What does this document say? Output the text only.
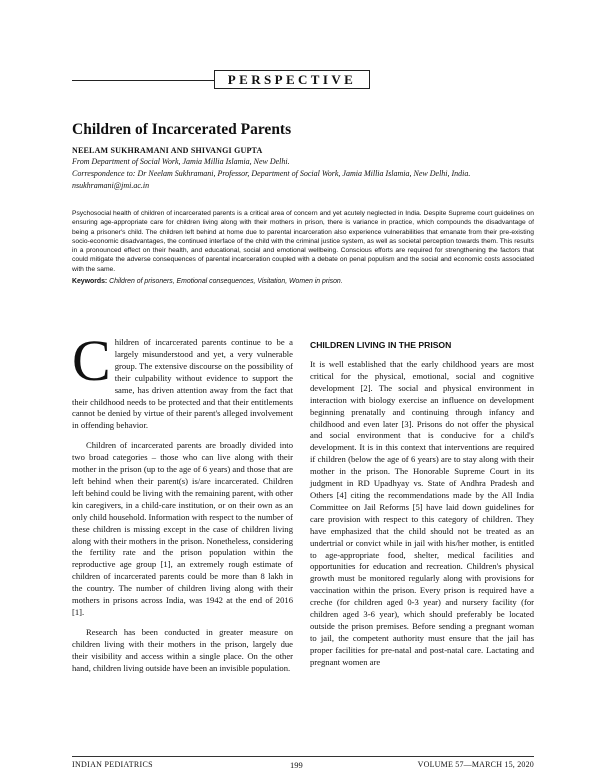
PERSPECTIVE
Children of Incarcerated Parents
NEELAM SUKHRAMANI AND SHIVANGI GUPTA
From Department of Social Work, Jamia Millia Islamia, New Delhi.
Correspondence to: Dr Neelam Sukhramani, Professor, Department of Social Work, Jamia Millia Islamia, New Delhi, India.
nsukhramani@jmi.ac.in
Psychosocial health of children of incarcerated parents is a critical area of concern and yet acutely neglected in India. Despite Supreme court guidelines on ensuring age-appropriate care for children living along with their mothers in prison, there is variance in practice, which compounds the disadvantage of being a prisoner's child. The children left behind at home due to parental incarceration also experience vulnerabilities that emanate from their pre-existing socio-economic disadvantages, the continued interface of the child with the criminal justice system, as well as societal perception towards them. This results in a pronounced effect on their health, and educational, social and emotional wellbeing. Conscious efforts are required for strengthening the factors that could mitigate the adverse consequences of parental incarceration coupled with a debate on penal populism and the social and economic costs associated with the same.
Keywords: Children of prisoners, Emotional consequences, Visitation, Women in prison.

Children of incarcerated parents continue to be a largely misunderstood and yet, a very vulnerable group. The extensive discourse on the possibility of their culpability without evidence to support the same, has driven attention away from the fact that their childhood needs to be protected and that their entitlements cannot be denied by virtue of their parent's alleged involvement in offending behavior.

Children of incarcerated parents are broadly divided into two broad categories – those who can live along with their mother in the prison (up to the age of 6 years) and those that are left behind when their parent(s) is/are incarcerated. Children left behind could be living with the remaining parent, with other kin caregivers, in a child-care institution, or on their own as an only child household. Information with respect to the number of these children is missing except in the case of children living along with their mothers in the prison. Nonetheless, considering the fertility rate and the prison population within the reproductive age group [1], an extremely rough estimate of children of incarcerated parents could be more than 8 lakh in the country. The number of children living along with their mothers in prisons across India, was 1942 at the end of 2016 [1].

Research has been conducted in greater measure on children living with their mothers in the prison, largely due their visibility and access within a single place. On the other hand, children living outside have been an invisible population.

CHILDREN LIVING IN THE PRISON

It is well established that the early childhood years are most critical for the physical, emotional, social and cognitive development [2]. The social and physical environment in interaction with biology exercise an influence on development beginning prenatally and continuing through infancy and childhood and even later [3]. Prisons do not offer the physical and social environment that is conducive for a child's development. It is in this context that interventions are required if children (below the age of 6 years) are to stay along with their mother in the prison. The Honorable Supreme Court in its judgment in RD Upadhyay vs. State of Andhra Pradesh and Others [4] citing the recommendations made by the All India Committee on Jail Reforms [5] have laid down guidelines for care provision with respect to this category of children. They have emphasized that the child should not be treated as an undertrial or convict while in jail with his/her mother, is entitled to age-appropriate food, shelter, medical facilities and opportunities for education and recreation. Children's physical growth must be monitored regularly along with provisions for vaccination within the prison. Every prison is required have a creche (for children aged 0-3 year) and nursery facility (for children aged 3-6 year), which should preferably be located outside the prison premises. Before sending a pregnant woman to jail, the competent authority must ensure that the jail has proper facilities for pre-natal and post-natal care. Lactating and pregnant women are

INDIAN PEDIATRICS	199	VOLUME 57—MARCH 15, 2020
